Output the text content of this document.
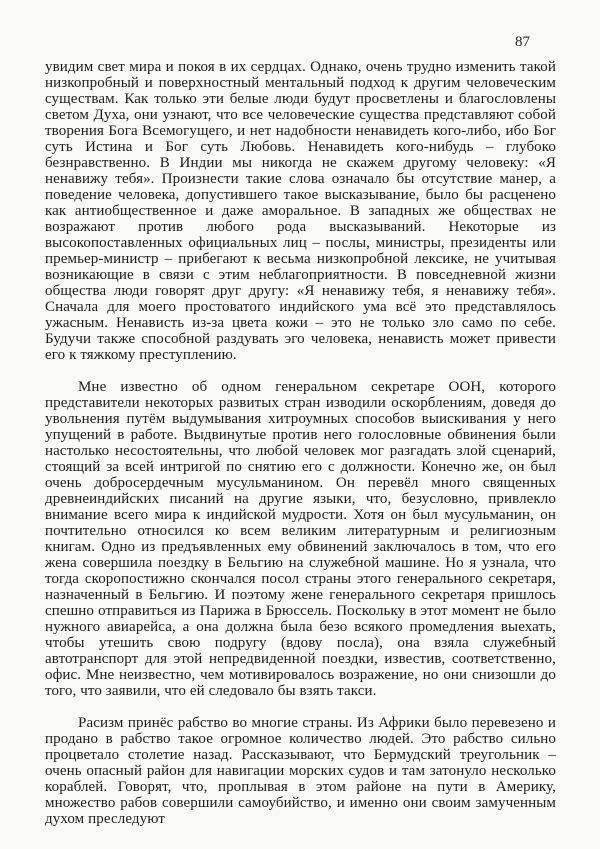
87

увидим свет мира и покоя в их сердцах. Однако, очень трудно изменить такой низкопробный и поверхностный ментальный подход к другим человеческим существам. Как только эти белые люди будут просветлены и благословлены светом Духа, они узнают, что все человеческие существа представляют собой творения Бога Всемогущего, и нет надобности ненавидеть кого-либо, ибо Бог суть Истина и Бог суть Любовь. Ненавидеть кого-нибудь – глубоко безнравственно. В Индии мы никогда не скажем другому человеку: «Я ненавижу тебя». Произнести такие слова означало бы отсутствие манер, а поведение человека, допустившего такое высказывание, было бы расценено как антиобщественное и даже аморальное. В западных же обществах не возражают против любого рода высказываний. Некоторые из высокопоставленных официальных лиц – послы, министры, президенты или премьер-министр – прибегают к весьма низкопробной лексике, не учитывая возникающие в связи с этим неблагоприятности. В повседневной жизни общества люди говорят друг другу: «Я ненавижу тебя, я ненавижу тебя». Сначала для моего простоватого индийского ума всё это представлялось ужасным. Ненависть из-за цвета кожи – это не только зло само по себе. Будучи также способной раздувать эго человека, ненависть может привести его к тяжкому преступлению.

Мне известно об одном генеральном секретаре ООН, которого представители некоторых развитых стран изводили оскорблениям, доведя до увольнения путём выдумывания хитроумных способов выискивания у него упущений в работе. Выдвинутые против него голословные обвинения были настолько несостоятельны, что любой человек мог разгадать злой сценарий, стоящий за всей интригой по снятию его с должности. Конечно же, он был очень добросердечным мусульманином. Он перевёл много священных древнеиндийских писаний на другие языки, что, безусловно, привлекло внимание всего мира к индийской мудрости. Хотя он был мусульманин, он почтительно относился ко всем великим литературным и религиозным книгам. Одно из предъявленных ему обвинений заключалось в том, что его жена совершила поездку в Бельгию на служебной машине. Но я узнала, что тогда скоропостижно скончался посол страны этого генерального секретаря, назначенный в Бельгию. И поэтому жене генерального секретаря пришлось спешно отправиться из Парижа в Брюссель. Поскольку в этот момент не было нужного авиарейса, а она должна была безо всякого промедления выехать, чтобы утешить свою подругу (вдову посла), она взяла служебный автотранспорт для этой непредвиденной поездки, известив, соответственно, офис. Мне неизвестно, чем мотивировалось возражение, но они снизошли до того, что заявили, что ей следовало бы взять такси.

Расизм принёс рабство во многие страны. Из Африки было перевезено и продано в рабство такое огромное количество людей. Это рабство сильно процветало столетие назад. Рассказывают, что Бермудский треугольник – очень опасный район для навигации морских судов и там затонуло несколько кораблей. Говорят, что, проплывая в этом районе на пути в Америку, множество рабов совершили самоубийство, и именно они своим замученным духом преследуют
